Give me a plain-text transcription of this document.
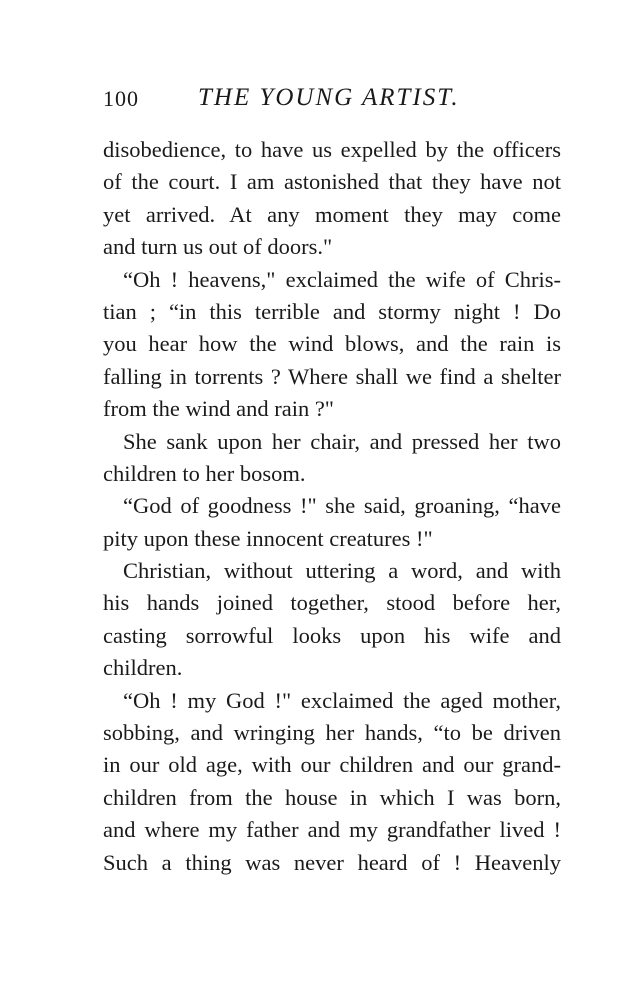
100 THE YOUNG ARTIST.
disobedience, to have us expelled by the officers
of the court. I am astonished that they have not
yet arrived. At any moment they may come
and turn us out of doors."
“Oh ! heavens," exclaimed the wife of Chris-
tian ; “in this terrible and stormy night ! Do
you hear how the wind blows, and the rain is
falling in torrents ? Where shall we find a shelter
from the wind and rain ?"
She sank upon her chair, and pressed her two
children to her bosom.
“God of goodness !" she said, groaning, “have
pity upon these innocent creatures !"
Christian, without uttering a word, and with
his hands joined together, stood before her,
casting sorrowful looks upon his wife and
children.
“Oh ! my God !" exclaimed the aged mother,
sobbing, and wringing her hands, “to be driven
in our old age, with our children and our grand-
children from the house in which I was born,
and where my father and my grandfather lived !
Such a thing was never heard of ! Heavenly
